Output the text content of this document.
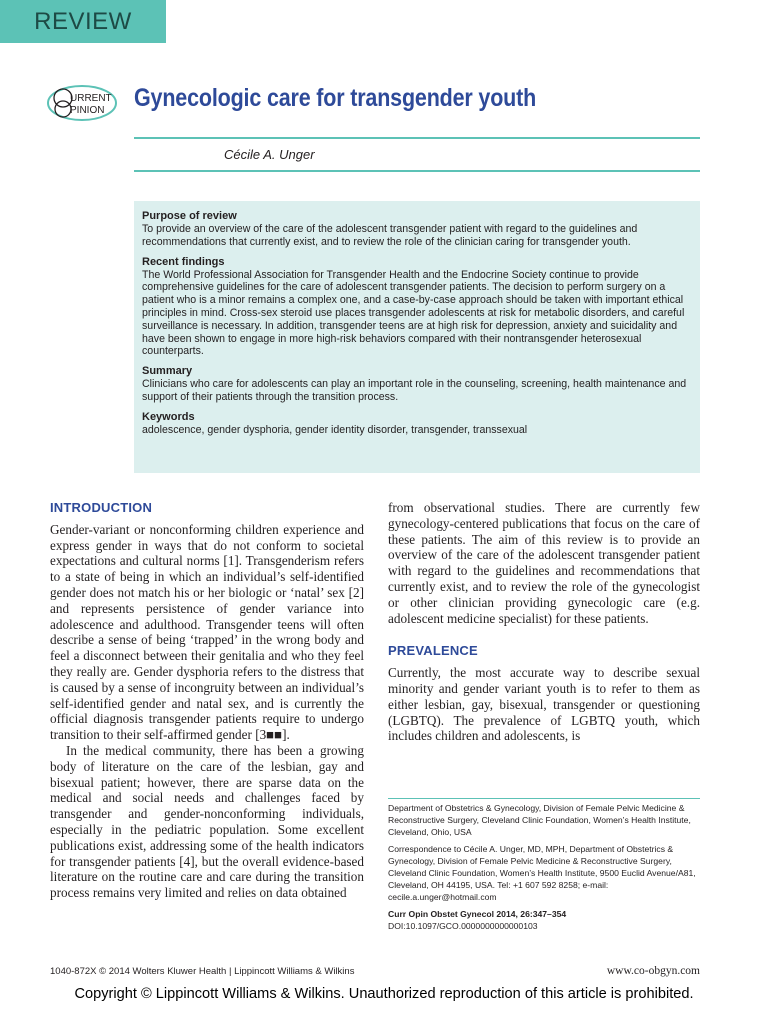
REVIEW
URRENT
PINION Gynecologic care for transgender youth
Cécile A. Unger
Purpose of review

To provide an overview of the care of the adolescent transgender patient with regard to the guidelines and recommendations that currently exist, and to review the role of the clinician caring for transgender youth.

Recent findings

The World Professional Association for Transgender Health and the Endocrine Society continue to provide comprehensive guidelines for the care of adolescent transgender patients. The decision to perform surgery on a patient who is a minor remains a complex one, and a case-by-case approach should be taken with important ethical principles in mind. Cross-sex steroid use places transgender adolescents at risk for metabolic disorders, and careful surveillance is necessary. In addition, transgender teens are at high risk for depression, anxiety and suicidality and have been shown to engage in more high-risk behaviors compared with their nontransgender heterosexual counterparts.

Summary

Clinicians who care for adolescents can play an important role in the counseling, screening, health maintenance and support of their patients through the transition process.

Keywords

adolescence, gender dysphoria, gender identity disorder, transgender, transsexual

INTRODUCTION

Gender-variant or nonconforming children experience and express gender in ways that do not conform to societal expectations and cultural norms [1]. Transgenderism refers to a state of being in which an individual’s self-identified gender does not match his or her biologic or ‘natal’ sex [2] and represents persistence of gender variance into adolescence and adulthood. Transgender teens will often describe a sense of being ‘trapped’ in the wrong body and feel a disconnect between their genitalia and who they feel they really are. Gender dysphoria refers to the distress that is caused by a sense of incongruity between an individual’s self-identified gender and natal sex, and is currently the official diagnosis transgender patients require to undergo transition to their self-affirmed gender [3■■].

In the medical community, there has been a growing body of literature on the care of the lesbian, gay and bisexual patient; however, there are sparse data on the medical and social needs and challenges faced by transgender and gender-nonconforming individuals, especially in the pediatric population. Some excellent publications exist, addressing some of the health indicators for transgender patients [4], but the overall evidence-based literature on the routine care and care during the transition process remains very limited and relies on data obtained

from observational studies. There are currently few gynecology-centered publications that focus on the care of these patients. The aim of this review is to provide an overview of the care of the adolescent transgender patient with regard to the guidelines and recommendations that currently exist, and to review the role of the gynecologist or other clinician providing gynecologic care (e.g. adolescent medicine specialist) for these patients.

PREVALENCE

Currently, the most accurate way to describe sexual minority and gender variant youth is to refer to them as either lesbian, gay, bisexual, transgender or questioning (LGBTQ). The prevalence of LGBTQ youth, which includes children and adolescents, is

Department of Obstetrics & Gynecology, Division of Female Pelvic Medicine & Reconstructive Surgery, Cleveland Clinic Foundation, Women’s Health Institute, Cleveland, Ohio, USA

Correspondence to Cécile A. Unger, MD, MPH, Department of Obstetrics & Gynecology, Division of Female Pelvic Medicine & Reconstructive Surgery, Cleveland Clinic Foundation, Women’s Health Institute, 9500 Euclid Avenue/A81, Cleveland, OH 44195, USA. Tel: +1 607 592 8258; e-mail: cecile.a.unger@hotmail.com

Curr Opin Obstet Gynecol 2014, 26:347–354

DOI:10.1097/GCO.0000000000000103

1040-872X © 2014 Wolters Kluwer Health | Lippincott Williams & Wilkins	www.co-obgyn.com
Copyright © Lippincott Williams & Wilkins. Unauthorized reproduction of this article is prohibited.
